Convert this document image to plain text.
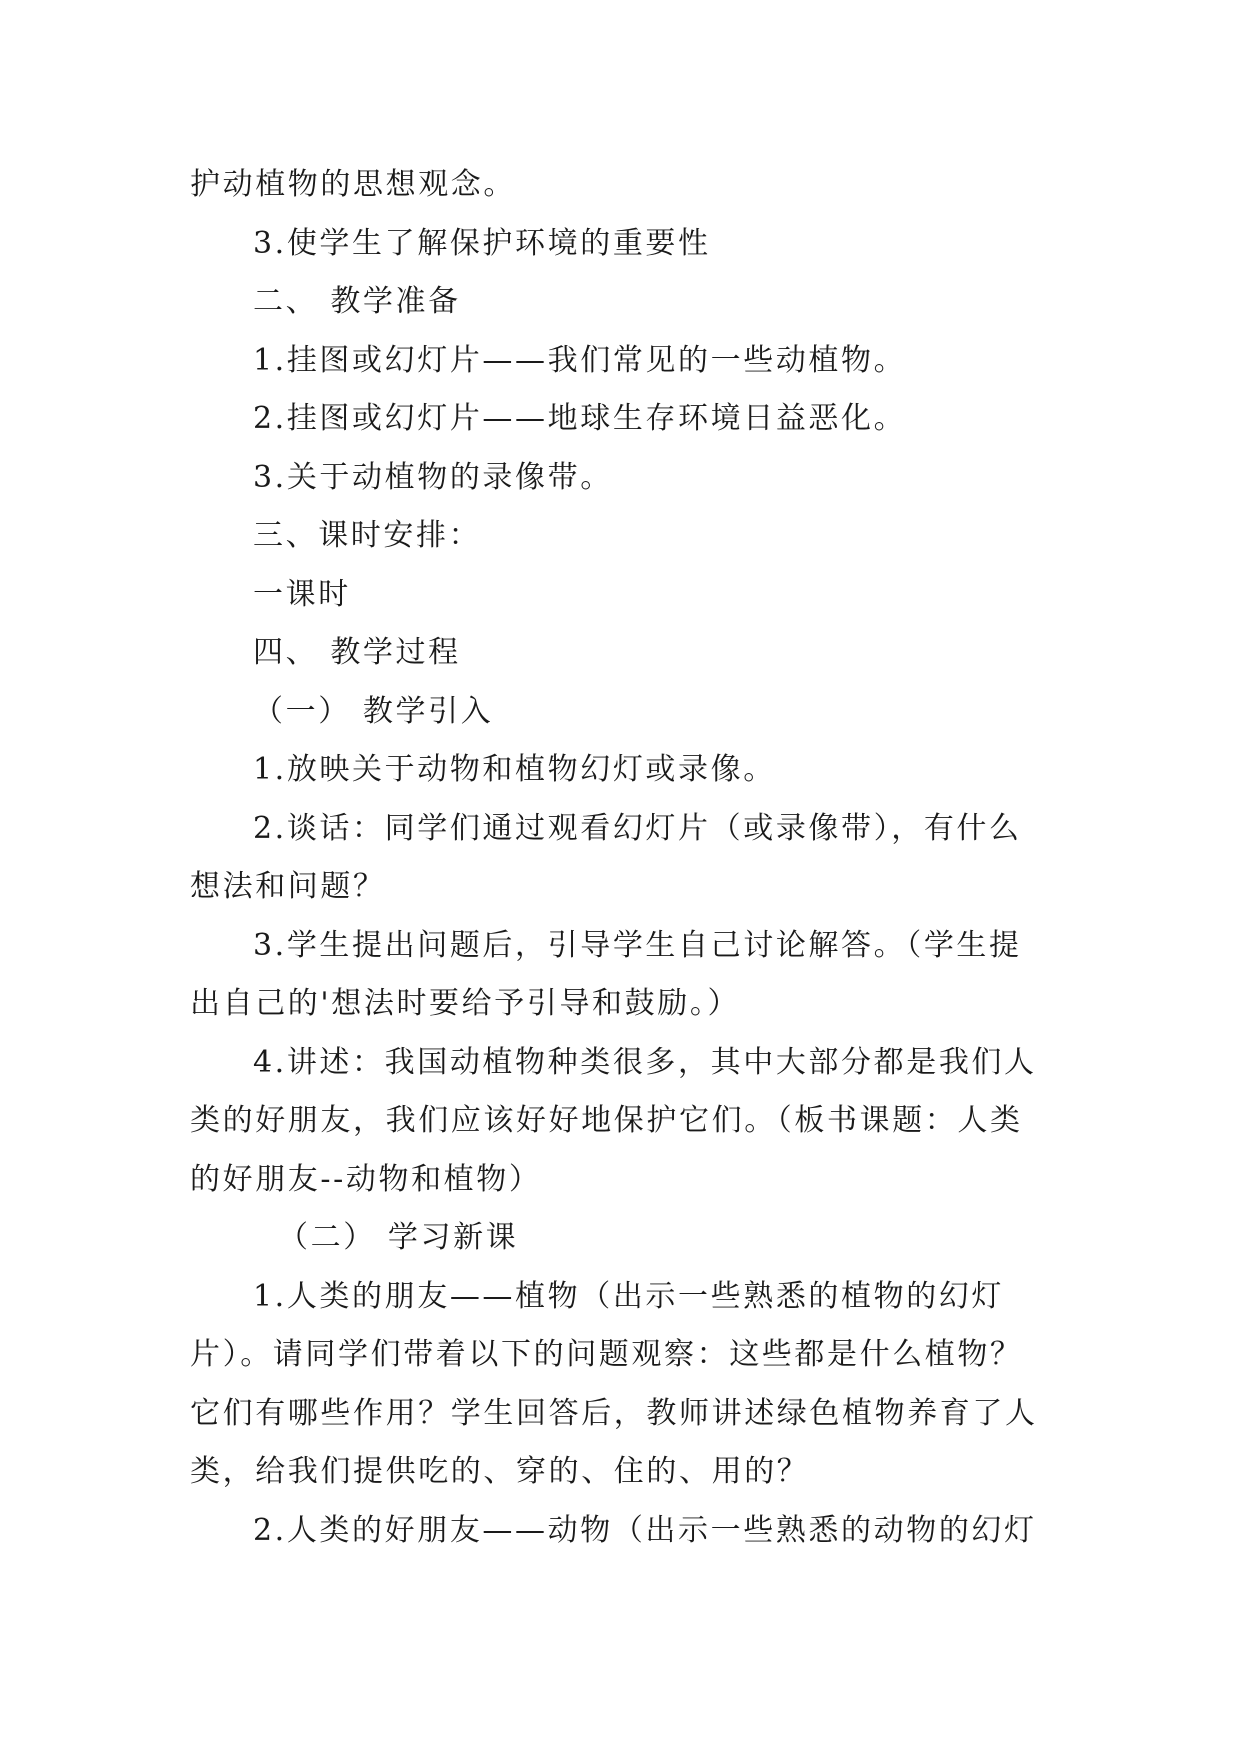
护动植物的思想观念。
3.使学生了解保护环境的重要性
二、 教学准备
1.挂图或幻灯片——我们常见的一些动植物。
2.挂图或幻灯片——地球生存环境日益恶化。
3.关于动植物的录像带。
三、课时安排：
一课时
四、 教学过程
（一） 教学引入
1.放映关于动物和植物幻灯或录像。
2.谈话：同学们通过观看幻灯片（或录像带），有什么
想法和问题？
3.学生提出问题后，引导学生自己讨论解答。（学生提
出自己的'想法时要给予引导和鼓励。）
4.讲述：我国动植物种类很多，其中大部分都是我们人
类的好朋友，我们应该好好地保护它们。（板书课题：人类
的好朋友--动物和植物）
（二） 学习新课
1.人类的朋友——植物（出示一些熟悉的植物的幻灯
片）。请同学们带着以下的问题观察：这些都是什么植物？
它们有哪些作用？学生回答后，教师讲述绿色植物养育了人
类，给我们提供吃的、穿的、住的、用的？
2.人类的好朋友——动物（出示一些熟悉的动物的幻灯
